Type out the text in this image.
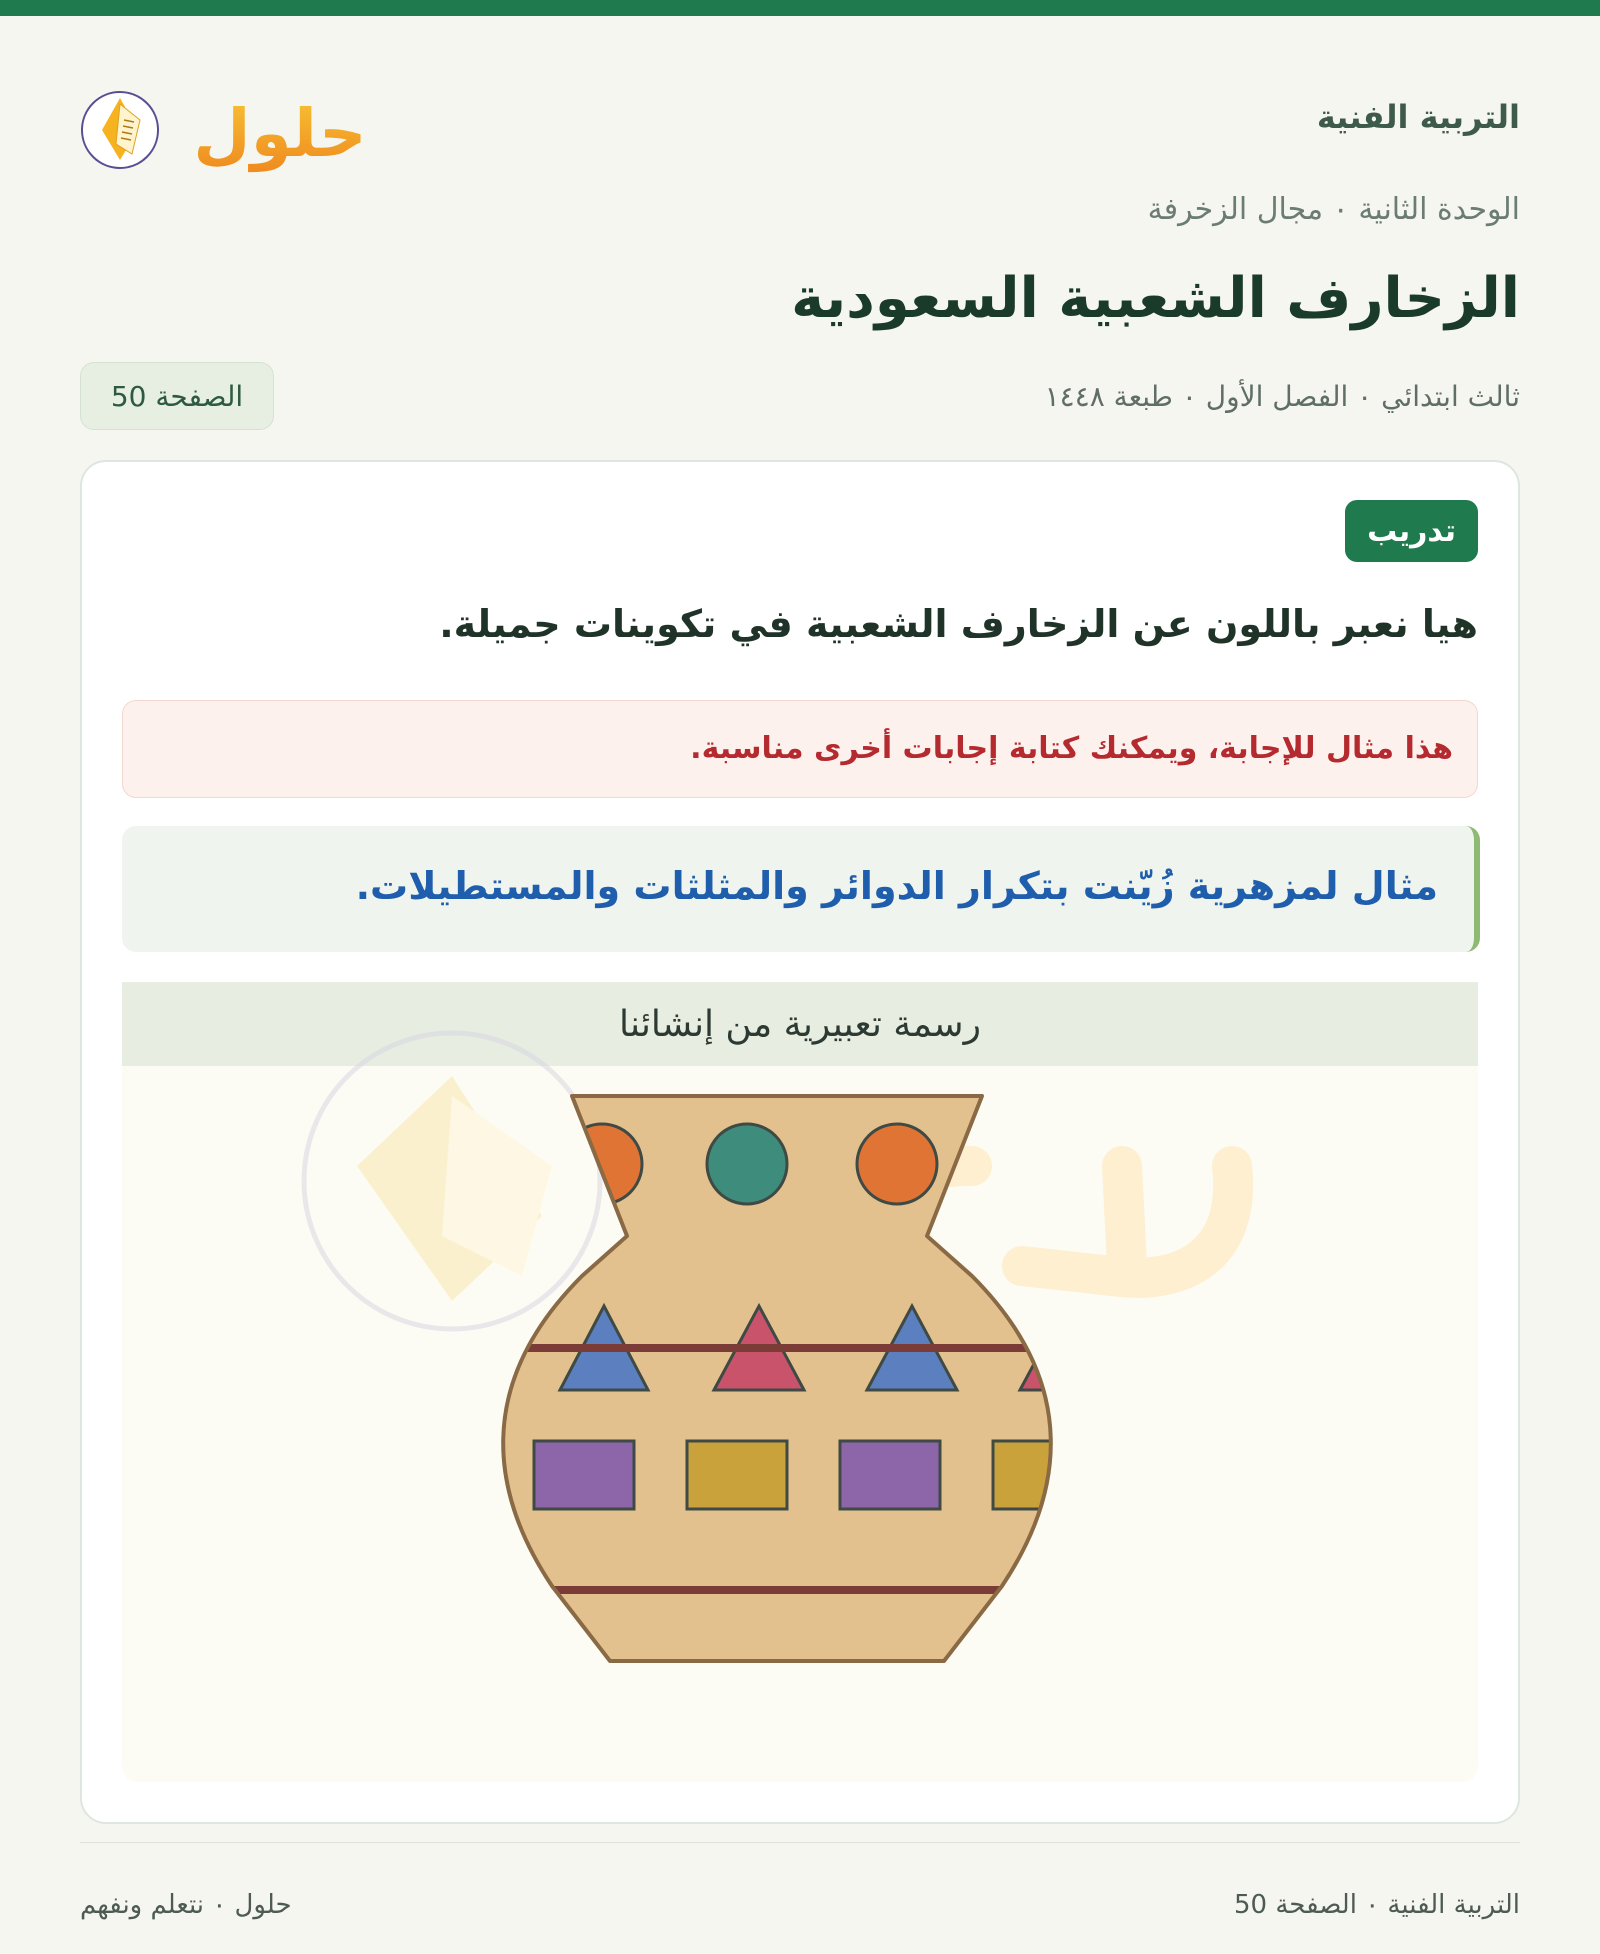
التربية الفنية
حلول
الوحدة الثانية ٠ مجال الزخرفة
الزخارف الشعبية السعودية
ثالث ابتدائي ٠ الفصل الأول ٠ طبعة ١٤٤٨
الصفحة 50
تدريب
هيا نعبر باللون عن الزخارف الشعبية في تكوينات جميلة.
هذا مثال للإجابة، ويمكنك كتابة إجابات أخرى مناسبة.
مثال لمزهرية زُيّنت بتكرار الدوائر والمثلثات والمستطيلات.
رسمة تعبيرية من إنشائنا
التربية الفنية ٠ الصفحة 50
حلول ٠ نتعلم ونفهم
